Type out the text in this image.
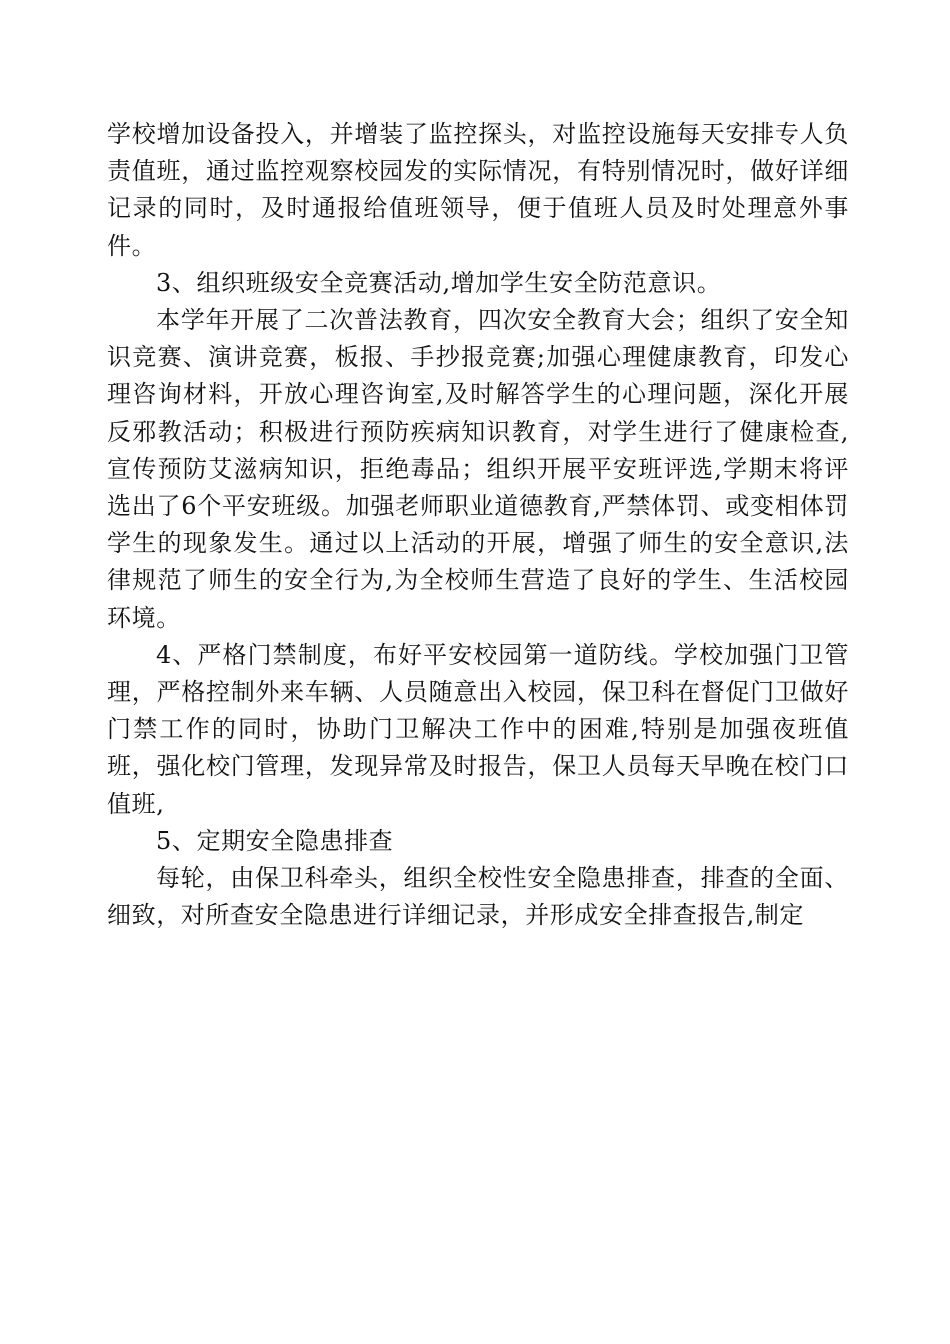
学校增加设备投入，并增装了监控探头，对监控设施每天安排专人负责值班，通过监控观察校园发的实际情况，有特别情况时，做好详细记录的同时，及时通报给值班领导，便于值班人员及时处理意外事件。

3、组织班级安全竞赛活动,增加学生安全防范意识。

本学年开展了二次普法教育，四次安全教育大会；组织了安全知识竞赛、演讲竞赛，板报、手抄报竞赛;加强心理健康教育，印发心理咨询材料，开放心理咨询室,及时解答学生的心理问题，深化开展反邪教活动；积极进行预防疾病知识教育，对学生进行了健康检查,宣传预防艾滋病知识，拒绝毒品；组织开展平安班评选,学期末将评选出了6个平安班级。加强老师职业道德教育,严禁体罚、或变相体罚学生的现象发生。通过以上活动的开展，增强了师生的安全意识,法律规范了师生的安全行为,为全校师生营造了良好的学生、生活校园环境。

4、严格门禁制度，布好平安校园第一道防线。学校加强门卫管理，严格控制外来车辆、人员随意出入校园，保卫科在督促门卫做好门禁工作的同时，协助门卫解决工作中的困难,特别是加强夜班值班，强化校门管理，发现异常及时报告，保卫人员每天早晚在校门口值班,

5、定期安全隐患排查

每轮，由保卫科牵头，组织全校性安全隐患排查，排查的全面、细致，对所查安全隐患进行详细记录，并形成安全排查报告,制定
